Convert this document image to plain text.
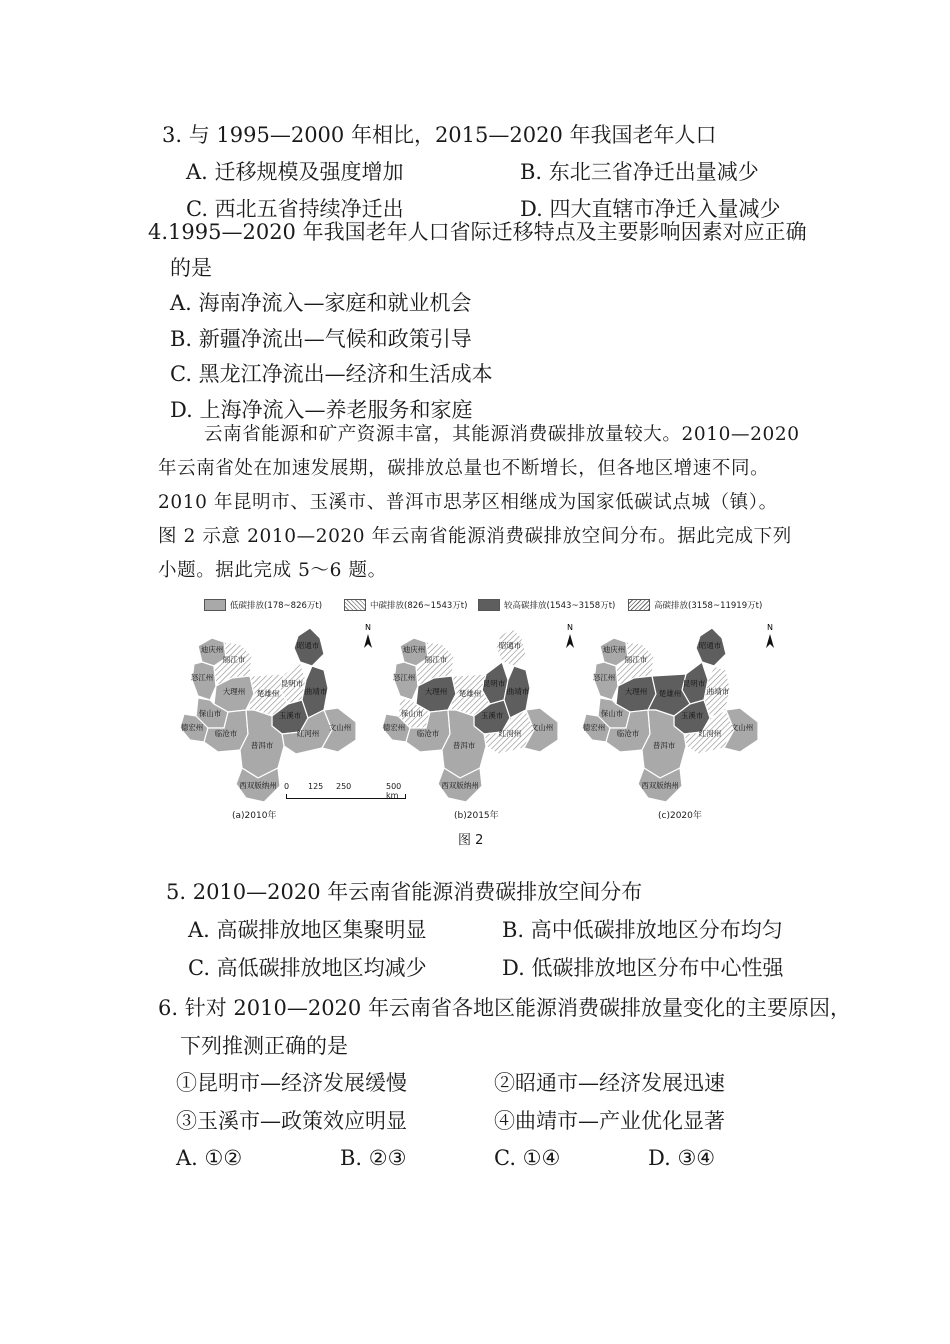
3. 与 1995—2000 年相比，2015—2020 年我国老年人口
A. 迁移规模及强度增加	B. 东北三省净迁出量减少
C. 西北五省持续净迁出	D. 四大直辖市净迁入量减少
4.1995—2020 年我国老年人口省际迁移特点及主要影响因素对应正确
的是
A. 海南净流入—家庭和就业机会
B. 新疆净流出—气候和政策引导
C. 黑龙江净流出—经济和生活成本
D. 上海净流入—养老服务和家庭
云南省能源和矿产资源丰富，其能源消费碳排放量较大。2010—2020
年云南省处在加速发展期，碳排放总量也不断增长，但各地区增速不同。
2010 年昆明市、玉溪市、普洱市思茅区相继成为国家低碳试点城（镇）。
图 2 示意 2010—2020 年云南省能源消费碳排放空间分布。据此完成下列
小题。据此完成 5～6 题。
低碳排放(178~826万t)	中碳排放(826~1543万t)	较高碳排放(1543~3158万t)	高碳排放(3158~11919万t)
迪庆州
怒江州
丽江市
昭通市
大理州
昆明市
楚雄州	曲靖市
保山市
德宏州
玉溪市
红河州
临沧市
文山州
普洱市
西双版纳州
N
迪庆州
怒江州
丽江市
昭通市
大理州
昆明市
楚雄州	曲靖市
保山市
德宏州
玉溪市
红河州
临沧市
文山州
普洱市
西双版纳州
N
迪庆州
怒江州
丽江市
昭通市
大理州
昆明市
楚雄州	曲靖市
保山市
德宏州
玉溪市
红河州
临沧市
文山州
普洱市
西双版纳州
N
(a)2010年	(b)2015年	(c)2020年
0 125 250	500 km
图 2
5. 2010—2020 年云南省能源消费碳排放空间分布
A. 高碳排放地区集聚明显	B. 高中低碳排放地区分布均匀
C. 高低碳排放地区均减少	D. 低碳排放地区分布中心性强
6. 针对 2010—2020 年云南省各地区能源消费碳排放量变化的主要原因，
下列推测正确的是
①昆明市—经济发展缓慢	②昭通市—经济发展迅速
③玉溪市—政策效应明显	④曲靖市—产业优化显著
A. ①②	B. ②③	C. ①④	D. ③④
